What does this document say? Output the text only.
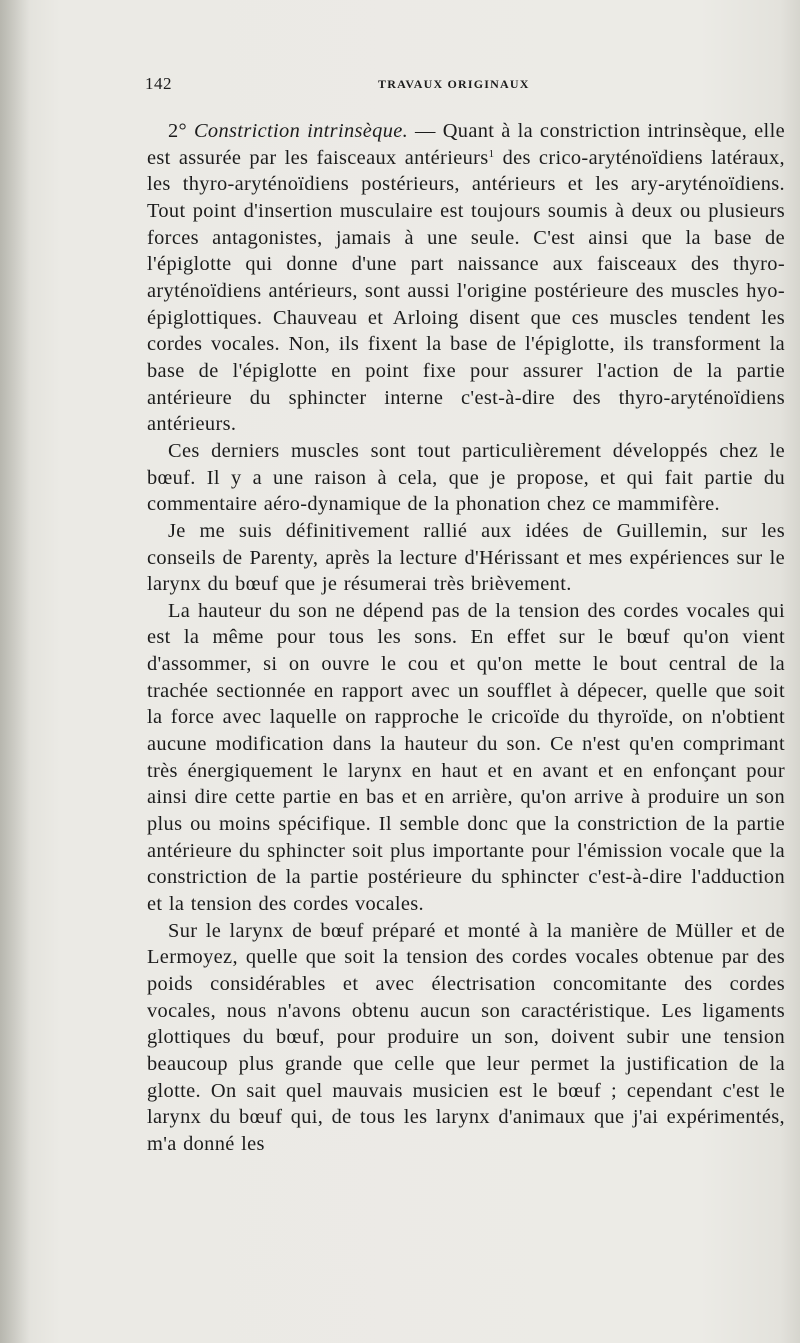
142	TRAVAUX ORIGINAUX

2° Constriction intrinsèque. — Quant à la constriction intrinsèque, elle est assurée par les faisceaux antérieurs$^1$ des crico-aryténoïdiens latéraux, les thyro-aryténoïdiens postérieurs, antérieurs et les ary-aryténoïdiens. Tout point d'insertion musculaire est toujours soumis à deux ou plusieurs forces antagonistes, jamais à une seule. C'est ainsi que la base de l'épiglotte qui donne d'une part naissance aux faisceaux des thyro-aryténoïdiens antérieurs, sont aussi l'origine postérieure des muscles hyo-épiglottiques. Chauveau et Arloing disent que ces muscles tendent les cordes vocales. Non, ils fixent la base de l'épiglotte, ils transforment la base de l'épiglotte en point fixe pour assurer l'action de la partie antérieure du sphincter interne c'est-à-dire des thyro-aryténoïdiens antérieurs.

Ces derniers muscles sont tout particulièrement développés chez le bœuf. Il y a une raison à cela, que je propose, et qui fait partie du commentaire aéro-dynamique de la phonation chez ce mammifère.

Je me suis définitivement rallié aux idées de Guillemin, sur les conseils de Parenty, après la lecture d'Hérissant et mes expériences sur le larynx du bœuf que je résumerai très brièvement.

La hauteur du son ne dépend pas de la tension des cordes vocales qui est la même pour tous les sons. En effet sur le bœuf qu'on vient d'assommer, si on ouvre le cou et qu'on mette le bout central de la trachée sectionnée en rapport avec un soufflet à dépecer, quelle que soit la force avec laquelle on rapproche le cricoïde du thyroïde, on n'obtient aucune modification dans la hauteur du son. Ce n'est qu'en comprimant très énergiquement le larynx en haut et en avant et en enfonçant pour ainsi dire cette partie en bas et en arrière, qu'on arrive à produire un son plus ou moins spécifique. Il semble donc que la constriction de la partie antérieure du sphincter soit plus importante pour l'émission vocale que la constriction de la partie postérieure du sphincter c'est-à-dire l'adduction et la tension des cordes vocales.

Sur le larynx de bœuf préparé et monté à la manière de Müller et de Lermoyez, quelle que soit la tension des cordes vocales obtenue par des poids considérables et avec électrisation concomitante des cordes vocales, nous n'avons obtenu aucun son caractéristique. Les ligaments glottiques du bœuf, pour produire un son, doivent subir une tension beaucoup plus grande que celle que leur permet la justification de la glotte. On sait quel mauvais musicien est le bœuf ; cependant c'est le larynx du bœuf qui, de tous les larynx d'animaux que j'ai expérimentés, m'a donné les
